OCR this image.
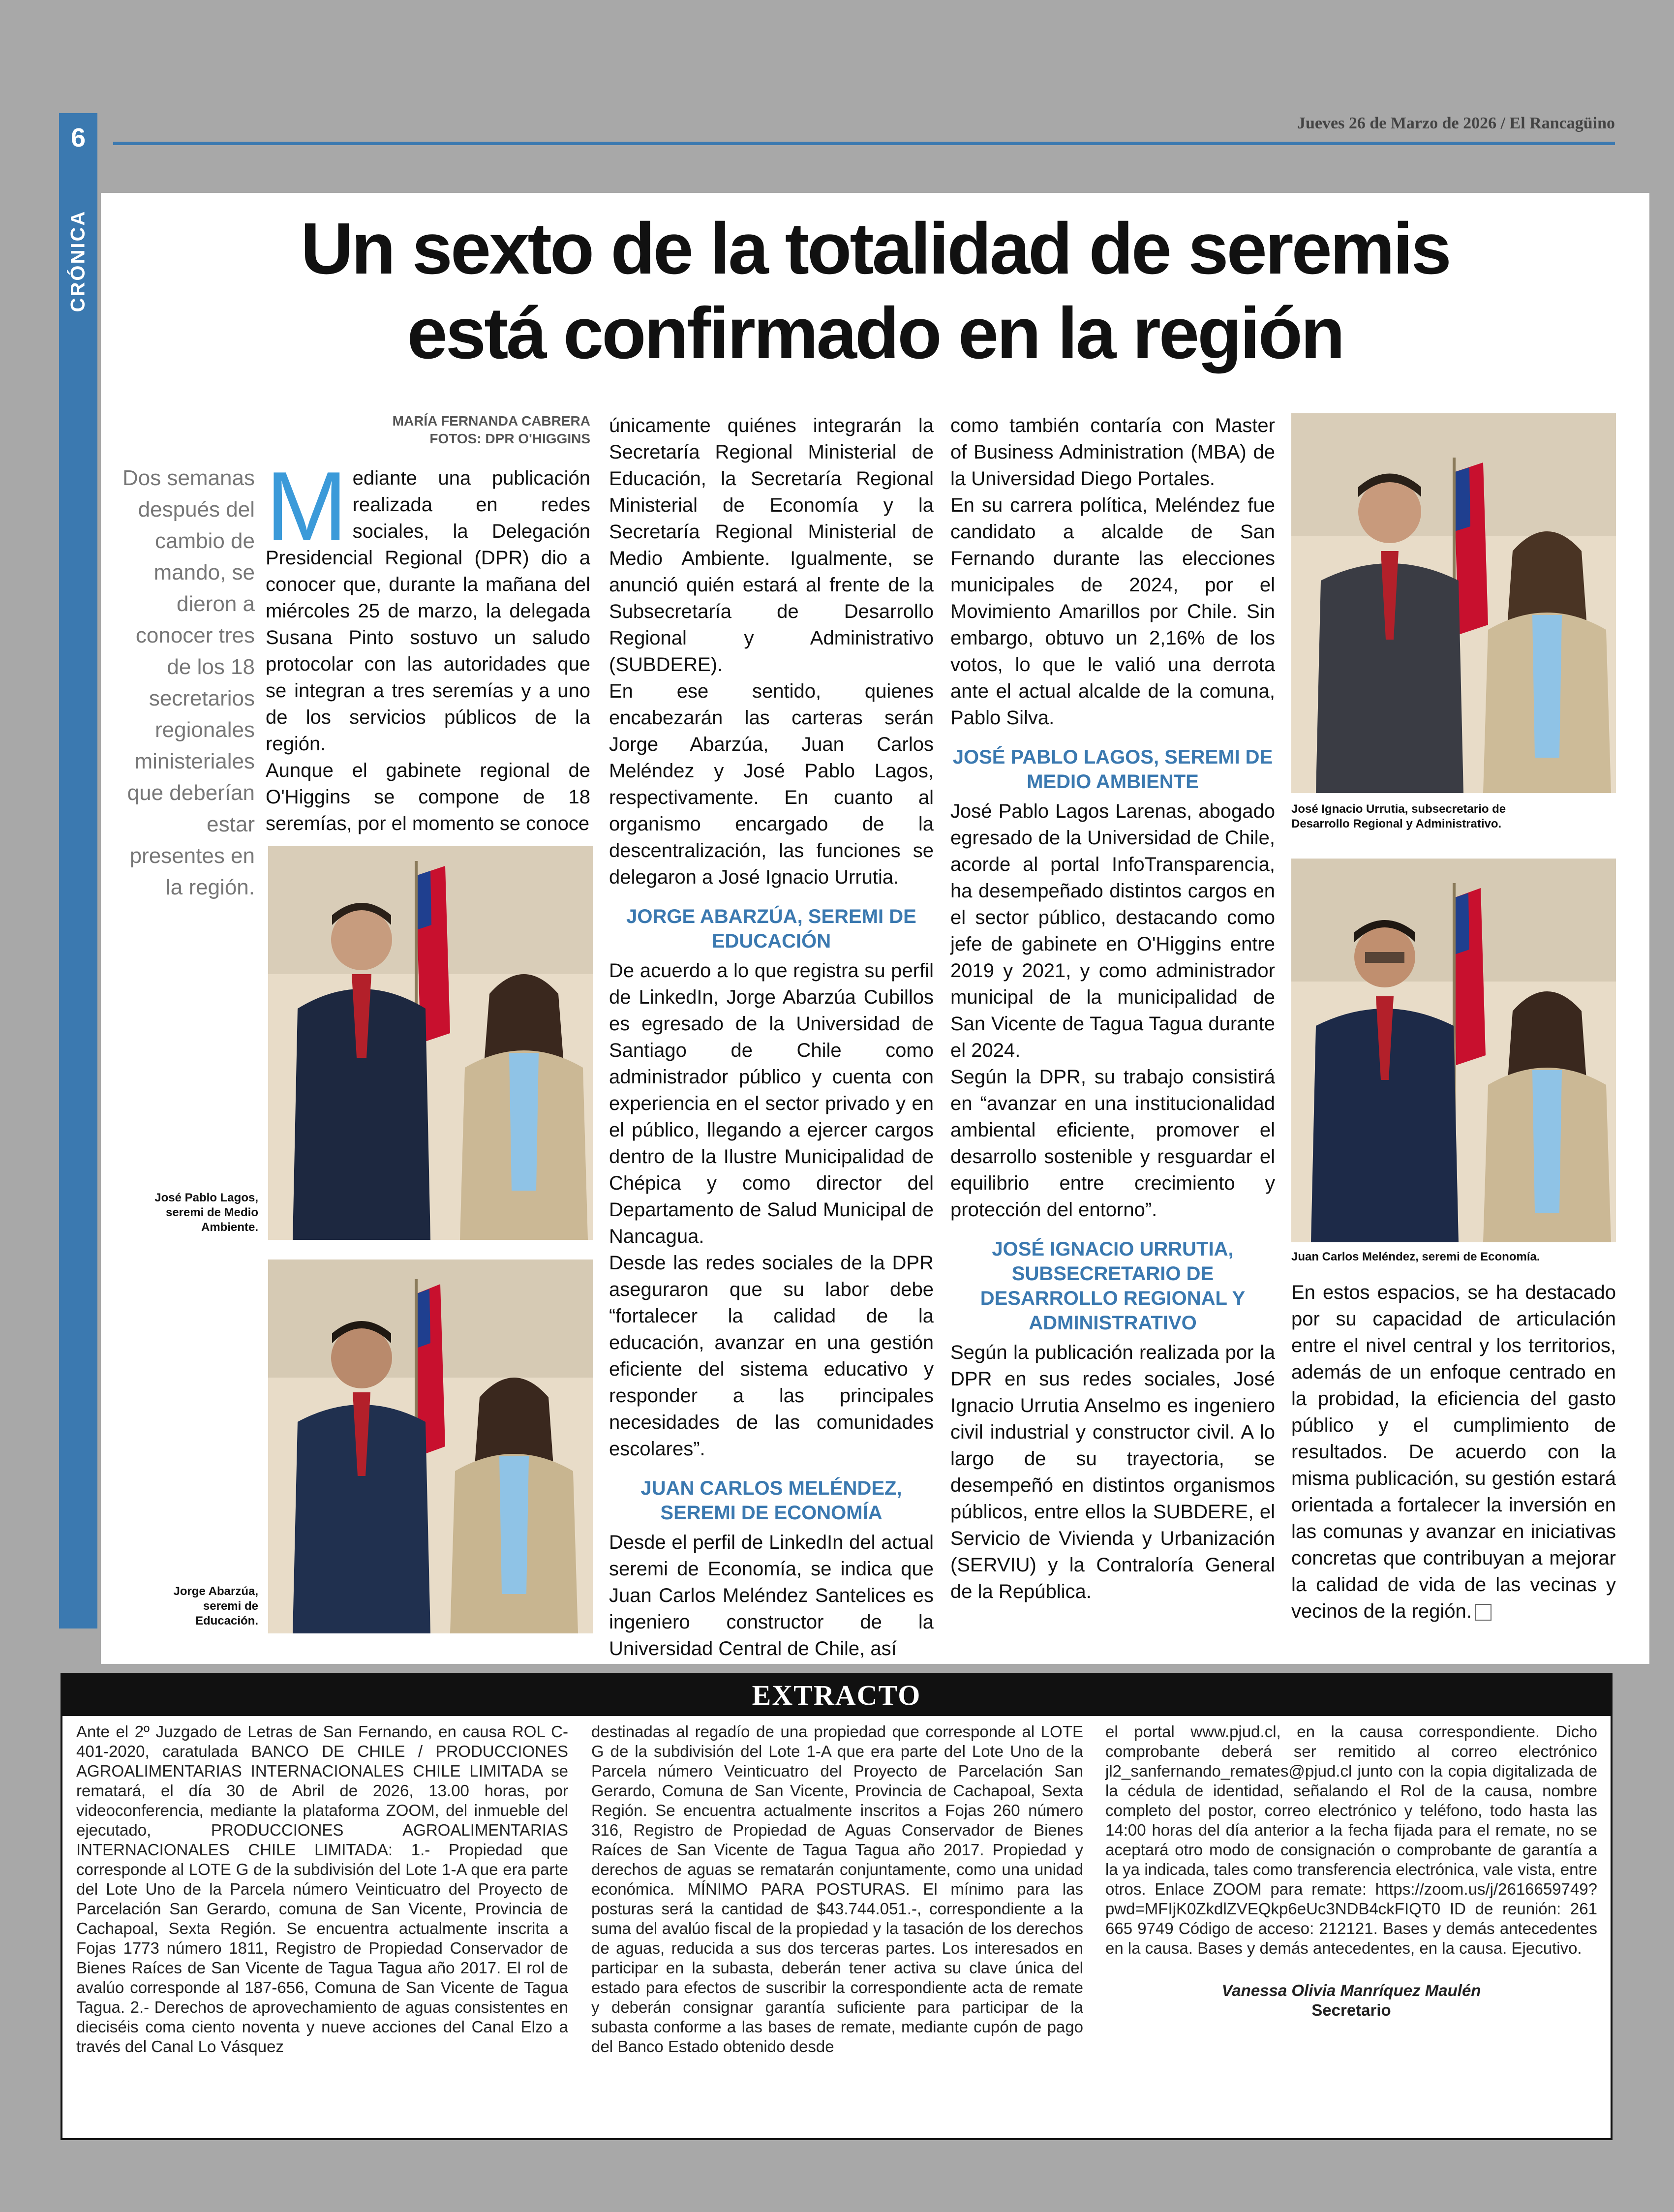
6
CRÓNICA
Jueves 26 de Marzo de 2026 / El Rancagüino
Un sexto de la totalidad de seremis
está confirmado en la región
MARÍA FERNANDA CABRERA
FOTOS: DPR O'HIGGINS
Dos semanas después del cambio de mando, se dieron a conocer tres de los 18 secretarios regionales ministeriales que deberían estar presentes en la región.

Mediante una publicación realizada en redes sociales, la Delegación Presidencial Regional (DPR) dio a conocer que, durante la mañana del miércoles 25 de marzo, la delegada Susana Pinto sostuvo un saludo protocolar con las autoridades que se integran a tres seremías y a uno de los servicios públicos de la región.

Aunque el gabinete regional de O'Higgins se compone de 18 seremías, por el momento se conoce

José Pablo Lagos,
seremi de Medio
Ambiente.
Jorge Abarzúa,
seremi de
Educación.

únicamente quiénes integrarán la Secretaría Regional Ministerial de Educación, la Secretaría Regional Ministerial de Economía y la Secretaría Regional Ministerial de Medio Ambiente. Igualmente, se anunció quién estará al frente de la Subsecretaría de Desarrollo Regional y Administrativo (SUBDERE).

En ese sentido, quienes encabezarán las carteras serán Jorge Abarzúa, Juan Carlos Meléndez y José Pablo Lagos, respectivamente. En cuanto al organismo encargado de la descentralización, las funciones se delegaron a José Ignacio Urrutia.

JORGE ABARZÚA, SEREMI DE EDUCACIÓN

De acuerdo a lo que registra su perfil de LinkedIn, Jorge Abarzúa Cubillos es egresado de la Universidad de Santiago de Chile como administrador público y cuenta con experiencia en el sector privado y en el público, llegando a ejercer cargos dentro de la Ilustre Municipalidad de Chépica y como director del Departamento de Salud Municipal de Nancagua.

Desde las redes sociales de la DPR aseguraron que su labor debe “fortalecer la calidad de la educación, avanzar en una gestión eficiente del sistema educativo y responder a las principales necesidades de las comunidades escolares”.

JUAN CARLOS MELÉNDEZ, SEREMI DE ECONOMÍA

Desde el perfil de LinkedIn del actual seremi de Economía, se indica que Juan Carlos Meléndez Santelices es ingeniero constructor de la Universidad Central de Chile, así

como también contaría con Master of Business Administration (MBA) de la Universidad Diego Portales.

En su carrera política, Meléndez fue candidato a alcalde de San Fernando durante las elecciones municipales de 2024, por el Movimiento Amarillos por Chile. Sin embargo, obtuvo un 2,16% de los votos, lo que le valió una derrota ante el actual alcalde de la comuna, Pablo Silva.

JOSÉ PABLO LAGOS, SEREMI DE MEDIO AMBIENTE

José Pablo Lagos Larenas, abogado egresado de la Universidad de Chile, acorde al portal InfoTransparencia, ha desempeñado distintos cargos en el sector público, destacando como jefe de gabinete en O'Higgins entre 2019 y 2021, y como administrador municipal de la municipalidad de San Vicente de Tagua Tagua durante el 2024.

Según la DPR, su trabajo consistirá en “avanzar en una institucionalidad ambiental eficiente, promover el desarrollo sostenible y resguardar el equilibrio entre crecimiento y protección del entorno”.

JOSÉ IGNACIO URRUTIA, SUBSECRETARIO DE DESARROLLO REGIONAL Y ADMINISTRATIVO

Según la publicación realizada por la DPR en sus redes sociales, José Ignacio Urrutia Anselmo es ingeniero civil industrial y constructor civil. A lo largo de su trayectoria, se desempeñó en distintos organismos públicos, entre ellos la SUBDERE, el Servicio de Vivienda y Urbanización (SERVIU) y la Contraloría General de la República.

José Ignacio Urrutia, subsecretario de
Desarrollo Regional y Administrativo.
Juan Carlos Meléndez, seremi de Economía.

En estos espacios, se ha destacado por su capacidad de articulación entre el nivel central y los territorios, además de un enfoque centrado en la probidad, la eficiencia del gasto público y el cumplimiento de resultados. De acuerdo con la misma publicación, su gestión estará orientada a fortalecer la inversión en las comunas y avanzar en iniciativas concretas que contribuyan a mejorar la calidad de vida de las vecinas y vecinos de la región.

EXTRACTO

Ante el 2º Juzgado de Letras de San Fernando, en causa ROL C-401-2020, caratulada BANCO DE CHILE / PRODUCCIONES AGROALIMENTARIAS INTERNACIONALES CHILE LIMITADA se rematará, el día 30 de Abril de 2026, 13.00 horas, por videoconferencia, mediante la plataforma ZOOM, del inmueble del ejecutado, PRODUCCIONES AGROALIMENTARIAS INTERNACIONALES CHILE LIMITADA: 1.- Propiedad que corresponde al LOTE G de la subdivisión del Lote 1-A que era parte del Lote Uno de la Parcela número Veinticuatro del Proyecto de Parcelación San Gerardo, comuna de San Vicente, Provincia de Cachapoal, Sexta Región. Se encuentra actualmente inscrita a Fojas 1773 número 1811, Registro de Propiedad Conservador de Bienes Raíces de San Vicente de Tagua Tagua año 2017. El rol de avalúo corresponde al 187-656, Comuna de San Vicente de Tagua Tagua. 2.- Derechos de aprovechamiento de aguas consistentes en dieciséis coma ciento noventa y nueve acciones del Canal Elzo a través del Canal Lo Vásquez

destinadas al regadío de una propiedad que corresponde al LOTE G de la subdivisión del Lote 1-A que era parte del Lote Uno de la Parcela número Veinticuatro del Proyecto de Parcelación San Gerardo, Comuna de San Vicente, Provincia de Cachapoal, Sexta Región. Se encuentra actualmente inscritos a Fojas 260 número 316, Registro de Propiedad de Aguas Conservador de Bienes Raíces de San Vicente de Tagua Tagua año 2017. Propiedad y derechos de aguas se rematarán conjuntamente, como una unidad económica. MÍNIMO PARA POSTURAS. El mínimo para las posturas será la cantidad de $43.744.051.-, correspondiente a la suma del avalúo fiscal de la propiedad y la tasación de los derechos de aguas, reducida a sus dos terceras partes. Los interesados en participar en la subasta, deberán tener activa su clave única del estado para efectos de suscribir la correspondiente acta de remate y deberán consignar garantía suficiente para participar de la subasta conforme a las bases de remate, mediante cupón de pago del Banco Estado obtenido desde

el portal www.pjud.cl, en la causa correspondiente. Dicho comprobante deberá ser remitido al correo electrónico jl2_sanfernando_remates@pjud.cl junto con la copia digitalizada de la cédula de identidad, señalando el Rol de la causa, nombre completo del postor, correo electrónico y teléfono, todo hasta las 14:00 horas del día anterior a la fecha fijada para el remate, no se aceptará otro modo de consignación o comprobante de garantía a la ya indicada, tales como transferencia electrónica, vale vista, entre otros. Enlace ZOOM para remate: https://zoom.us/j/2616659749?pwd=MFIjK0ZkdlZVEQkp6eUc3NDB4ckFIQT0 ID de reunión: 261 665 9749 Código de acceso: 212121. Bases y demás antecedentes en la causa. Bases y demás antecedentes, en la causa. Ejecutivo.

Vanessa Olivia Manríquez Maulén
Secretario
